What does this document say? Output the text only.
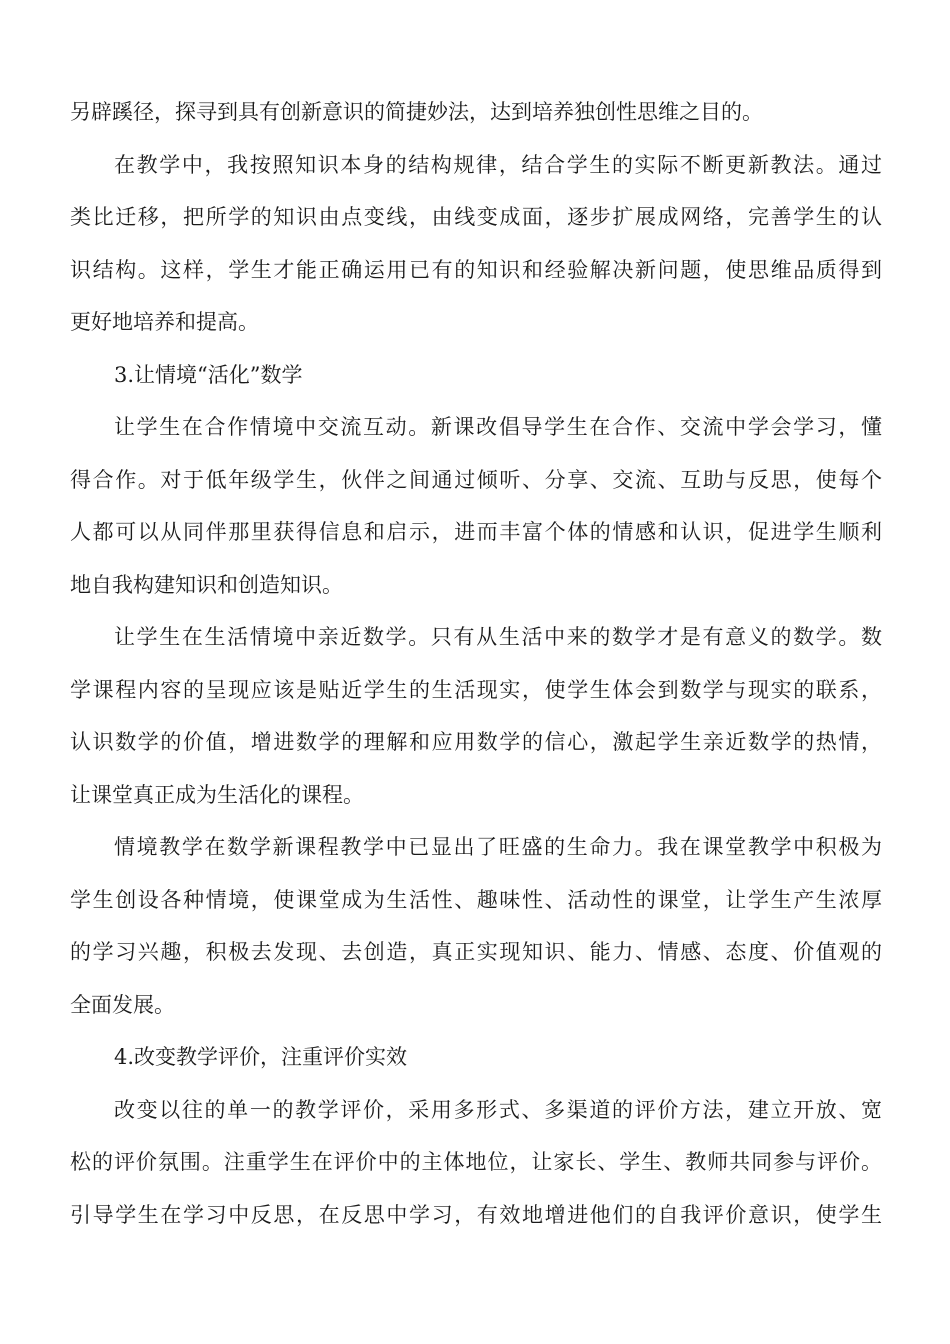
另辟蹊径，探寻到具有创新意识的简捷妙法，达到培养独创性思维之目的。
在教学中，我按照知识本身的结构规律，结合学生的实际不断更新教法。通过
类比迁移，把所学的知识由点变线，由线变成面，逐步扩展成网络，完善学生的认
识结构。这样，学生才能正确运用已有的知识和经验解决新问题，使思维品质得到
更好地培养和提高。
3.让情境“活化”数学
让学生在合作情境中交流互动。新课改倡导学生在合作、交流中学会学习，懂
得合作。对于低年级学生，伙伴之间通过倾听、分享、交流、互助与反思，使每个
人都可以从同伴那里获得信息和启示，进而丰富个体的情感和认识，促进学生顺利
地自我构建知识和创造知识。
让学生在生活情境中亲近数学。只有从生活中来的数学才是有意义的数学。数
学课程内容的呈现应该是贴近学生的生活现实，使学生体会到数学与现实的联系，
认识数学的价值，增进数学的理解和应用数学的信心，激起学生亲近数学的热情，
让课堂真正成为生活化的课程。
情境教学在数学新课程教学中已显出了旺盛的生命力。我在课堂教学中积极为
学生创设各种情境，使课堂成为生活性、趣味性、活动性的课堂，让学生产生浓厚
的学习兴趣，积极去发现、去创造，真正实现知识、能力、情感、态度、价值观的
全面发展。
4.改变教学评价，注重评价实效
改变以往的单一的教学评价，采用多形式、多渠道的评价方法，建立开放、宽
松的评价氛围。注重学生在评价中的主体地位，让家长、学生、教师共同参与评价。
引导学生在学习中反思，在反思中学习，有效地增进他们的自我评价意识，使学生
